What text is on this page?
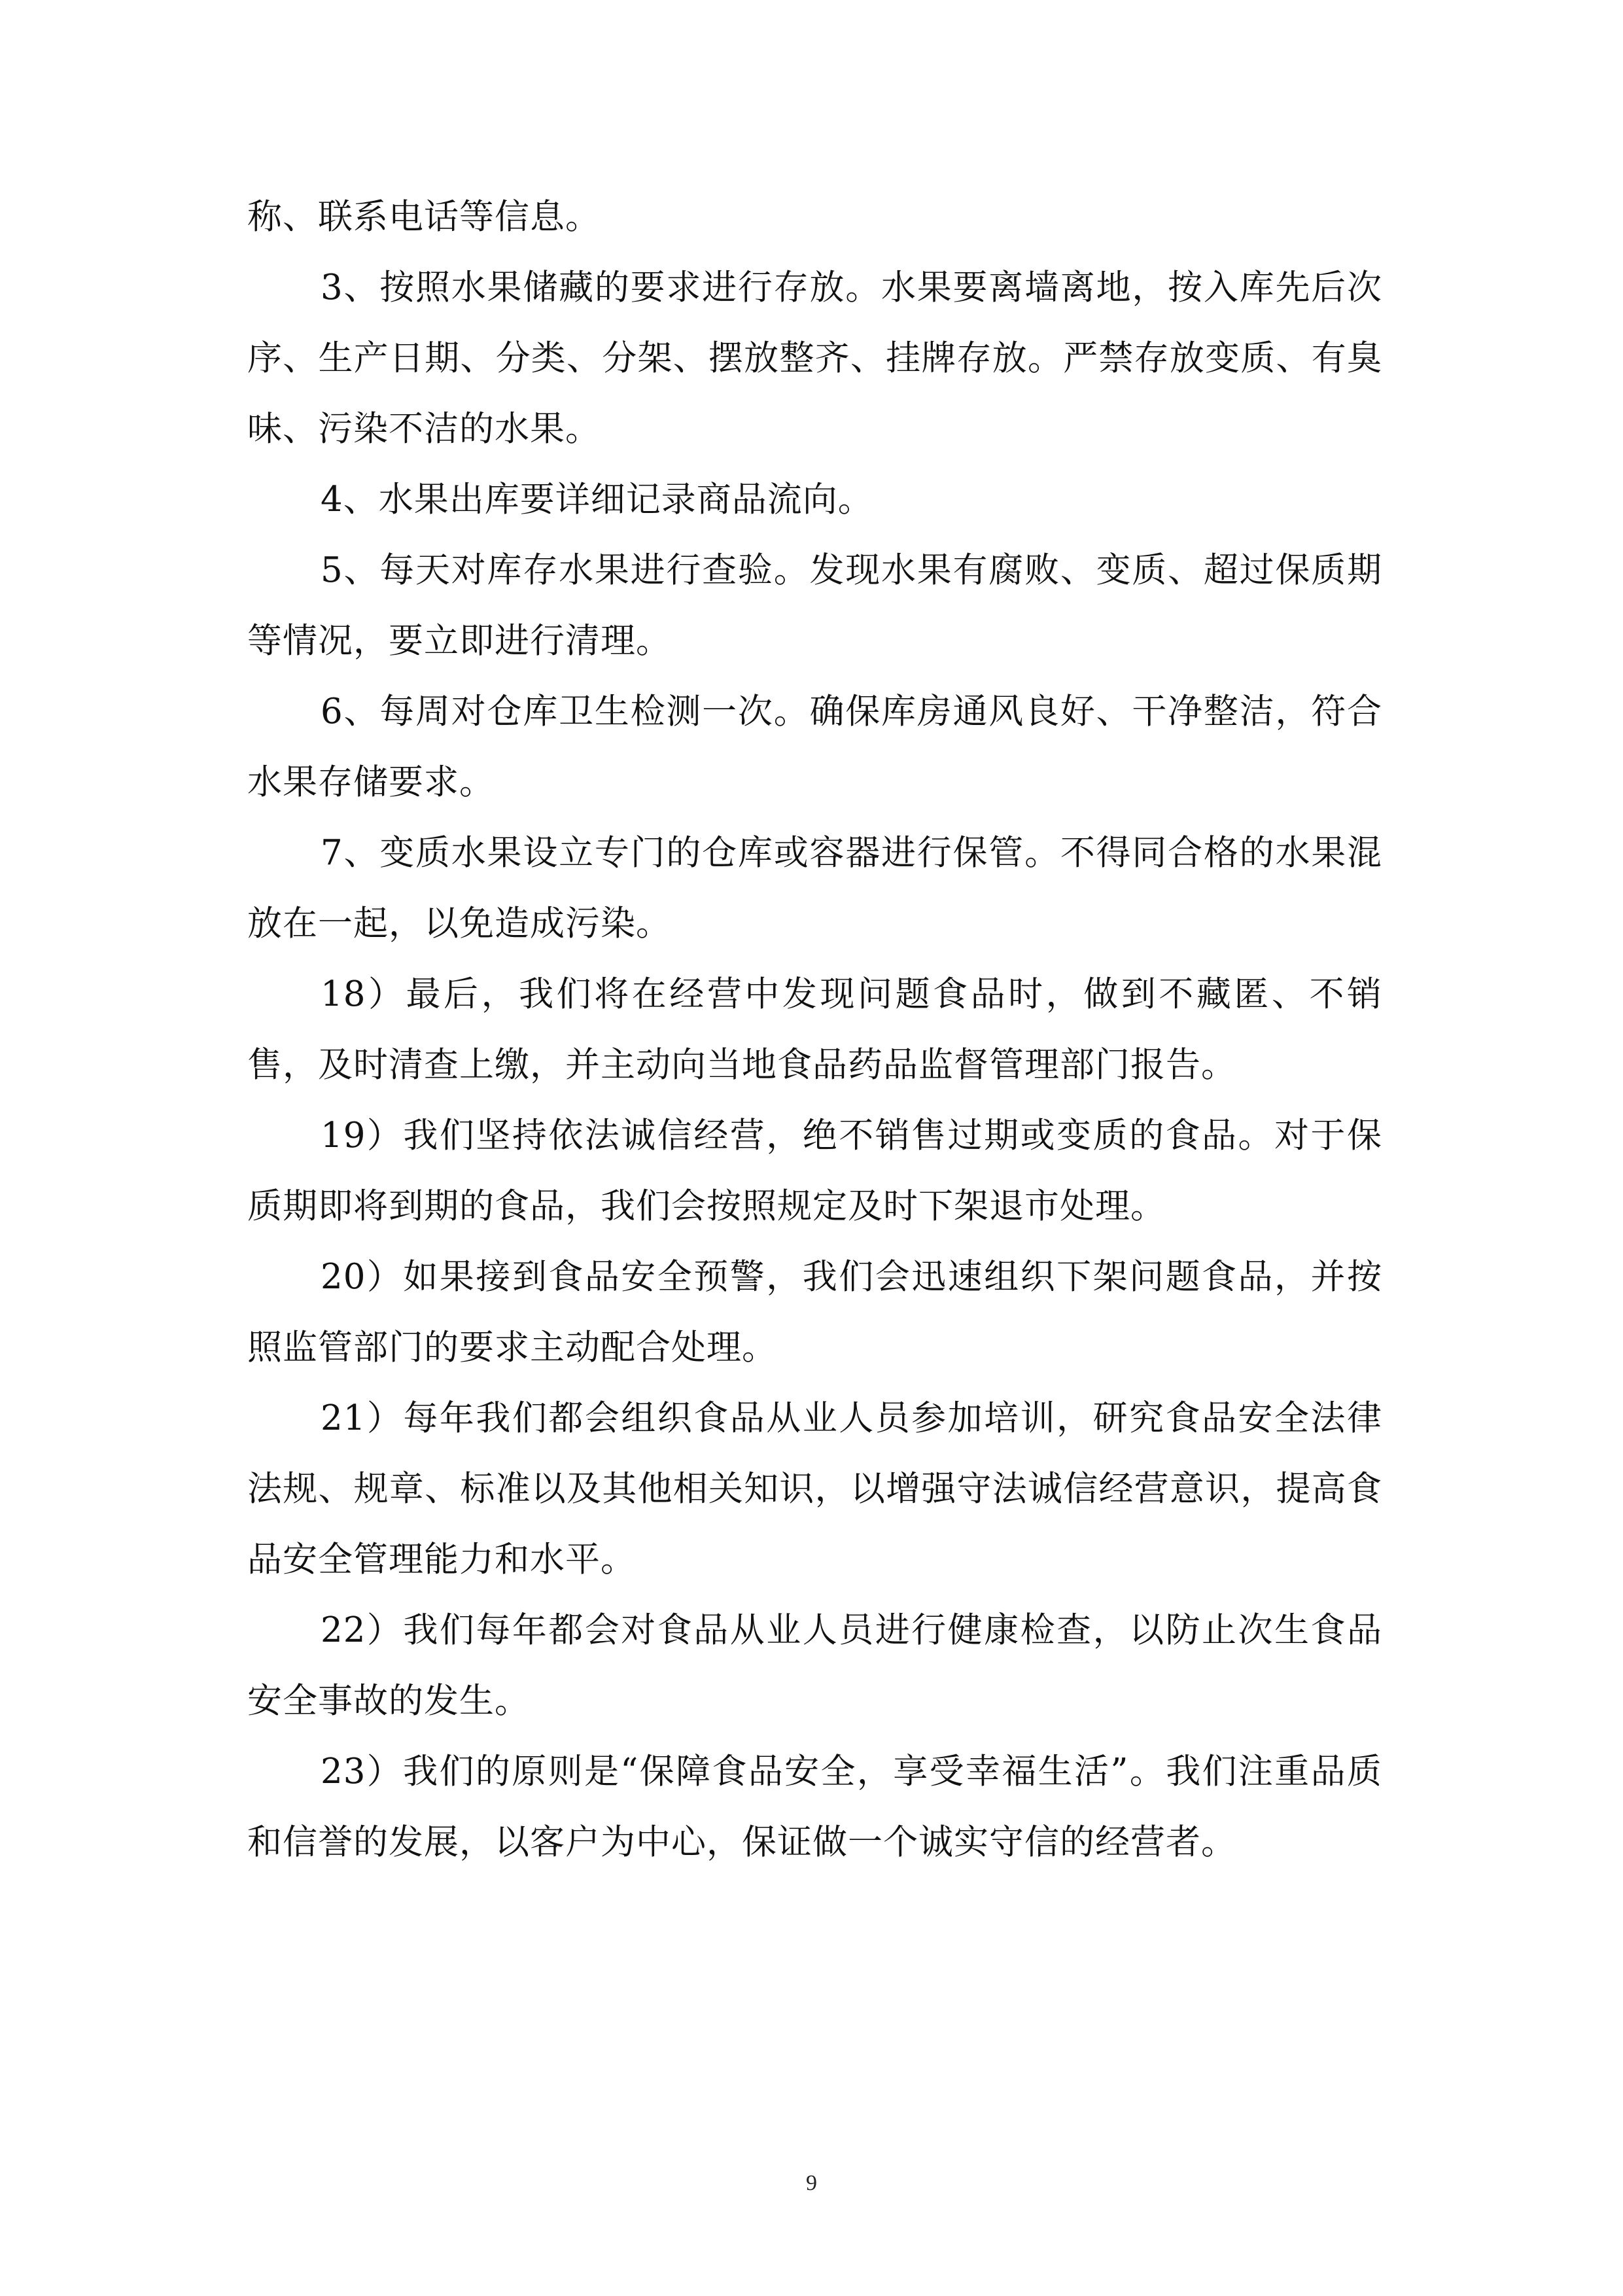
称、联系电话等信息。

3、按照水果储藏的要求进行存放。水果要离墙离地，按入库先后次序、生产日期、分类、分架、摆放整齐、挂牌存放。严禁存放变质、有臭味、污染不洁的水果。

4、水果出库要详细记录商品流向。

5、每天对库存水果进行查验。发现水果有腐败、变质、超过保质期等情况，要立即进行清理。

6、每周对仓库卫生检测一次。确保库房通风良好、干净整洁，符合水果存储要求。

7、变质水果设立专门的仓库或容器进行保管。不得同合格的水果混放在一起，以免造成污染。

18）最后，我们将在经营中发现问题食品时，做到不藏匿、不销售，及时清查上缴，并主动向当地食品药品监督管理部门报告。

19）我们坚持依法诚信经营，绝不销售过期或变质的食品。对于保质期即将到期的食品，我们会按照规定及时下架退市处理。

20）如果接到食品安全预警，我们会迅速组织下架问题食品，并按照监管部门的要求主动配合处理。

21）每年我们都会组织食品从业人员参加培训，研究食品安全法律法规、规章、标准以及其他相关知识，以增强守法诚信经营意识，提高食品安全管理能力和水平。

22）我们每年都会对食品从业人员进行健康检查，以防止次生食品安全事故的发生。

23）我们的原则是“保障食品安全，享受幸福生活”。我们注重品质和信誉的发展，以客户为中心，保证做一个诚实守信的经营者。

9
